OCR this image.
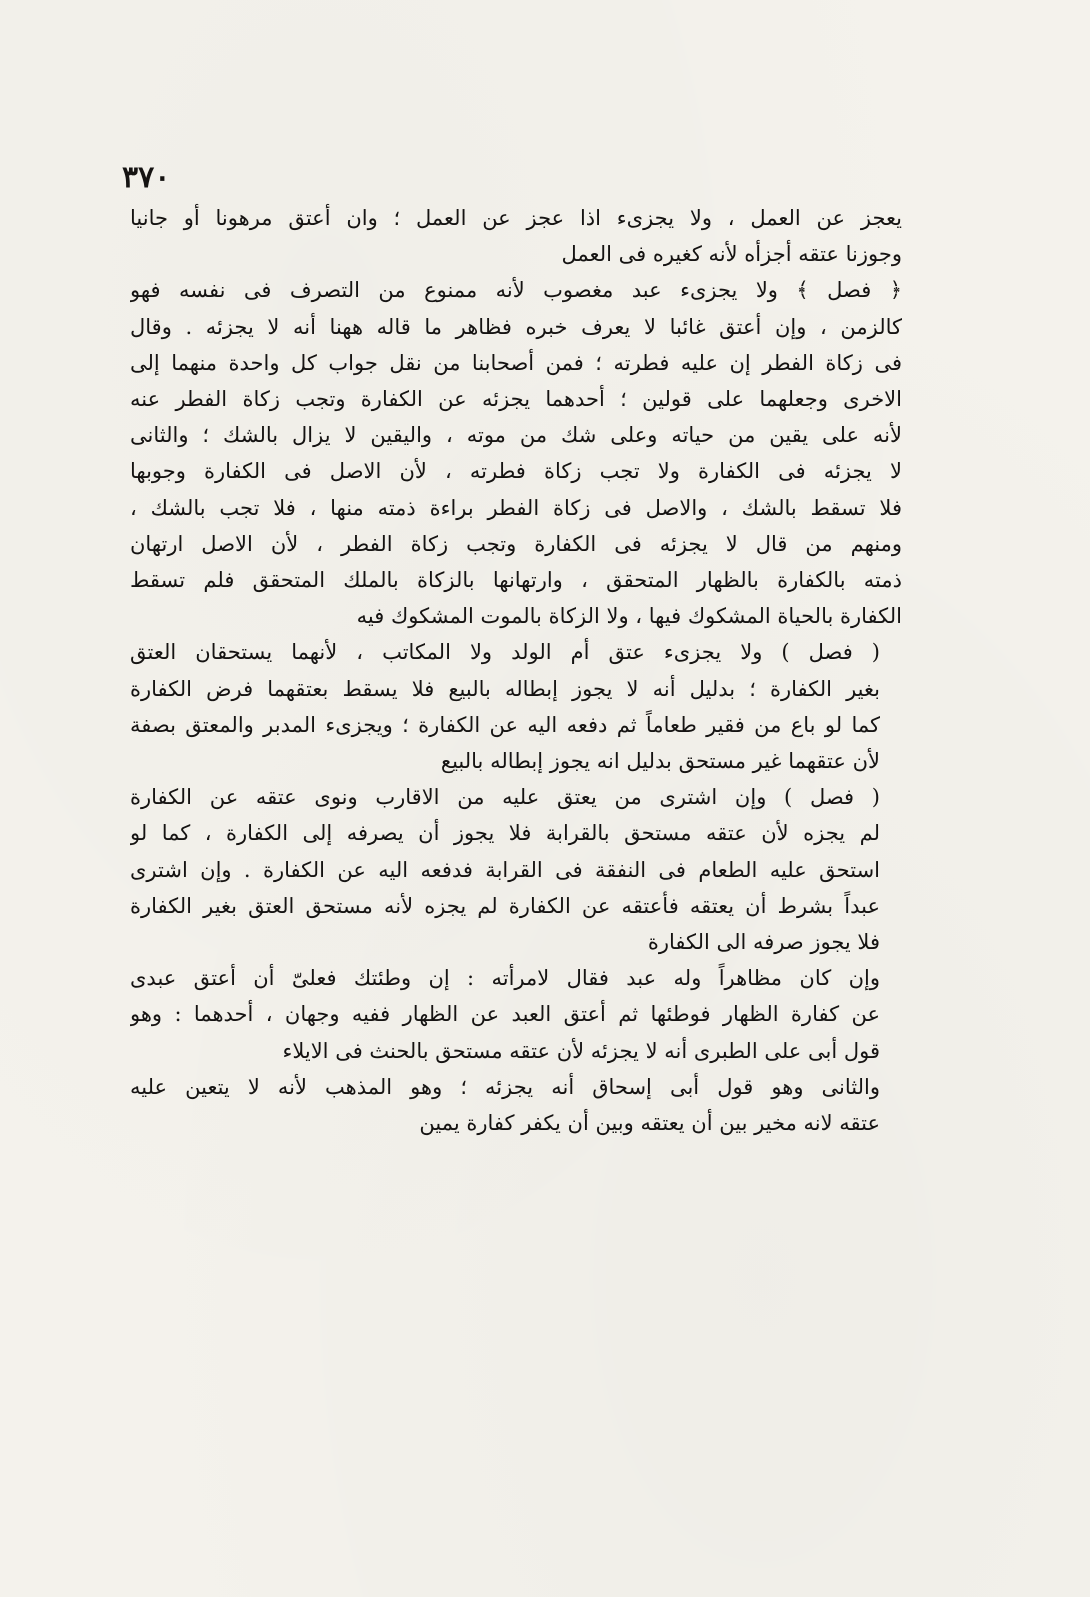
٣٧٠
يعجز عن العمل ، ولا يجزىء اذا عجز عن العمل ؛ وان أعتق مرهونا أو جانيا
وجوزنا عتقه أجزأه لأنه كغيره فى العمل
﴿ فصل ﴾ ولا يجزىء عبد مغصوب لأنه ممنوع من التصرف فى نفسه فهو
كالزمن ، وإن أعتق غائبا لا يعرف خبره فظاهر ما قاله ههنا أنه لا يجزئه . وقال
فى زكاة الفطر إن عليه فطرته ؛ فمن أصحابنا من نقل جواب كل واحدة منهما إلى
الاخرى وجعلهما على قولين ؛ أحدهما يجزئه عن الكفارة وتجب زكاة الفطر عنه
لأنه على يقين من حياته وعلى شك من موته ، واليقين لا يزال بالشك ؛ والثانى
لا يجزئه فى الكفارة ولا تجب زكاة فطرته ، لأن الاصل فى الكفارة وجوبها
فلا تسقط بالشك ، والاصل فى زكاة الفطر براءة ذمته منها ، فلا تجب بالشك ،
ومنهم من قال لا يجزئه فى الكفارة وتجب زكاة الفطر ، لأن الاصل ارتهان
ذمته بالكفارة بالظهار المتحقق ، وارتهانها بالزكاة بالملك المتحقق فلم تسقط
الكفارة بالحياة المشكوك فيها ، ولا الزكاة بالموت المشكوك فيه
( فصل ) ولا يجزىء عتق أم الولد ولا المكاتب ، لأنهما يستحقان العتق
بغير الكفارة ؛ بدليل أنه لا يجوز إبطاله بالبيع فلا يسقط بعتقهما فرض الكفارة
كما لو باع من فقير طعاماً ثم دفعه اليه عن الكفارة ؛ ويجزىء المدبر والمعتق بصفة
لأن عتقهما غير مستحق بدليل انه يجوز إبطاله بالبيع
( فصل ) وإن اشترى من يعتق عليه من الاقارب ونوى عتقه عن الكفارة
لم يجزه لأن عتقه مستحق بالقرابة فلا يجوز أن يصرفه إلى الكفارة ، كما لو
استحق عليه الطعام فى النفقة فى القرابة فدفعه اليه عن الكفارة . وإن اشترى
عبداً بشرط أن يعتقه فأعتقه عن الكفارة لم يجزه لأنه مستحق العتق بغير الكفارة
فلا يجوز صرفه الى الكفارة
وإن كان مظاهراً وله عبد فقال لامرأته : إن وطئتك فعلىّ أن أعتق عبدى
عن كفارة الظهار فوطئها ثم أعتق العبد عن الظهار ففيه وجهان ، أحدهما : وهو
قول أبى على الطبرى أنه لا يجزئه لأن عتقه مستحق بالحنث فى الايلاء
والثانى وهو قول أبى إسحاق أنه يجزئه ؛ وهو المذهب لأنه لا يتعين عليه
عتقه لانه مخير بين أن يعتقه وبين أن يكفر كفارة يمين
